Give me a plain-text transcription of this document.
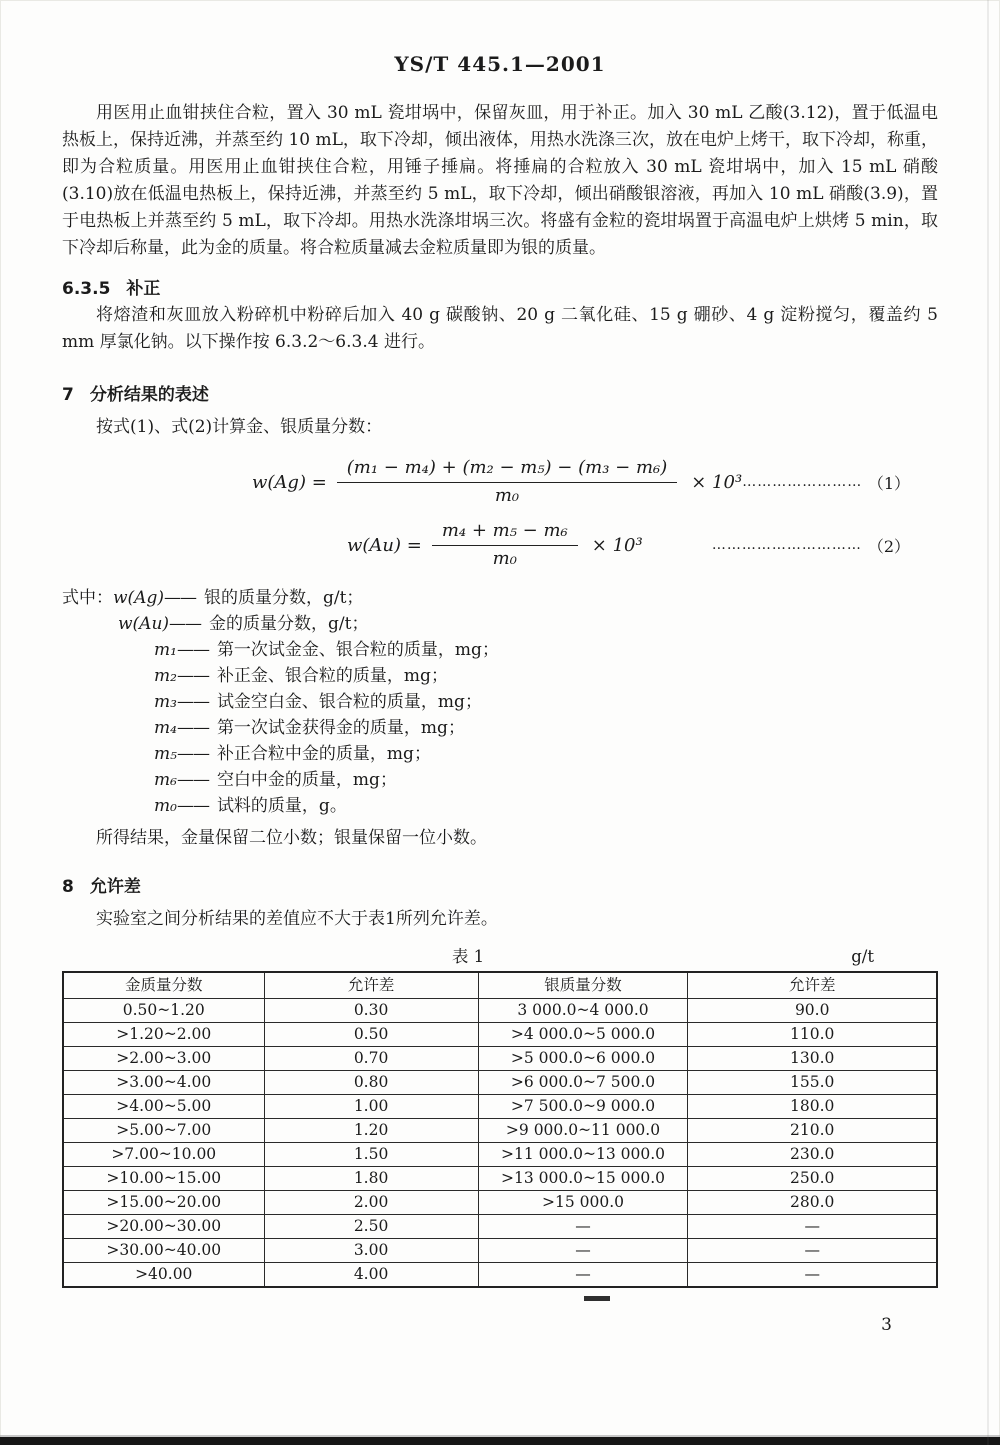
YS/T 445.1—2001

用医用止血钳挟住合粒，置入 30 mL 瓷坩埚中，保留灰皿，用于补正。加入 30 mL 乙酸(3.12)，置于低温电热板上，保持近沸，并蒸至约 10 mL，取下冷却，倾出液体，用热水洗涤三次，放在电炉上烤干，取下冷却，称重，即为合粒质量。用医用止血钳挟住合粒，用锤子捶扁。将捶扁的合粒放入 30 mL 瓷坩埚中，加入 15 mL 硝酸(3.10)放在低温电热板上，保持近沸，并蒸至约 5 mL，取下冷却，倾出硝酸银溶液，再加入 10 mL 硝酸(3.9)，置于电热板上并蒸至约 5 mL，取下冷却。用热水洗涤坩埚三次。将盛有金粒的瓷坩埚置于高温电炉上烘烤 5 min，取下冷却后称量，此为金的质量。将合粒质量减去金粒质量即为银的质量。

6.3.5 补正

将熔渣和灰皿放入粉碎机中粉碎后加入 40 g 碳酸钠、20 g 二氧化硅、15 g 硼砂、4 g 淀粉搅匀，覆盖约 5 mm 厚氯化钠。以下操作按 6.3.2～6.3.4 进行。

7 分析结果的表述

按式(1)、式(2)计算金、银质量分数：

$w(Ag) = \frac{\text{(m₁ − m₄) + (m₂ − m₅) − (m₃ − m₆)}}{\text{m₀}} \times 10^3$ …………………… （1）
$w(Au) = \frac{\text{m₄ + m₅ − m₆}}{\text{m₀}} \times 10^3$	………………………… （2）
式中： w(Ag) —— 银的质量分数，g/t；
w(Au) —— 金的质量分数，g/t；
m₁ —— 第一次试金金、银合粒的质量，mg；
m₂ —— 补正金、银合粒的质量，mg；
m₃ —— 试金空白金、银合粒的质量，mg；
m₄ —— 第一次试金获得金的质量，mg；
m₅ —— 补正合粒中金的质量，mg；
m₆ —— 空白中金的质量，mg；
m₀ —— 试料的质量，g。

所得结果，金量保留二位小数；银量保留一位小数。

8 允许差

实验室之间分析结果的差值应不大于表1所列允许差。

表 1	g/t
金质量分数	允许差	银质量分数	允许差
0.50~1.20	0.30	3 000.0~4 000.0	90.0
>1.20~2.00	0.50	>4 000.0~5 000.0	110.0
>2.00~3.00	0.70	>5 000.0~6 000.0	130.0
>3.00~4.00	0.80	>6 000.0~7 500.0	155.0
>4.00~5.00	1.00	>7 500.0~9 000.0	180.0
>5.00~7.00	1.20	>9 000.0~11 000.0	210.0
>7.00~10.00	1.50	>11 000.0~13 000.0	230.0
>10.00~15.00	1.80	>13 000.0~15 000.0	250.0
>15.00~20.00	2.00	>15 000.0	280.0
>20.00~30.00	2.50	—	—
>30.00~40.00	3.00	—	—
>40.00	4.00	—	—
3
